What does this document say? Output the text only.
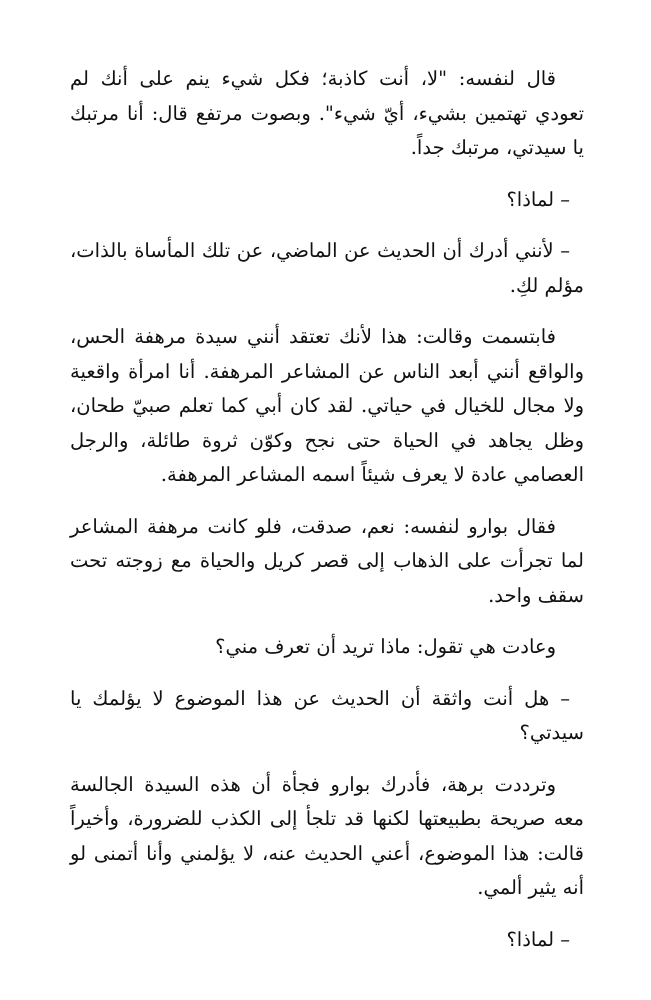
قال لنفسه: "لا، أنت كاذبة؛ فكل شيء ينم على أنك لم تعودي تهتمين بشيء، أيّ شيء". وبصوت مرتفع قال: أنا مرتبك يا سيدتي، مرتبك جداً.

– لماذا؟

– لأنني أدرك أن الحديث عن الماضي، عن تلك المأساة بالذات، مؤلم لكِ.

فابتسمت وقالت: هذا لأنك تعتقد أنني سيدة مرهفة الحس، والواقع أنني أبعد الناس عن المشاعر المرهفة. أنا امرأة واقعية ولا مجال للخيال في حياتي. لقد كان أبي كما تعلم صبيّ طحان، وظل يجاهد في الحياة حتى نجح وكوّن ثروة طائلة، والرجل العصامي عادة لا يعرف شيئاً اسمه المشاعر المرهفة.

فقال بوارو لنفسه: نعم، صدقت، فلو كانت مرهفة المشاعر لما تجرأت على الذهاب إلى قصر كريل والحياة مع زوجته تحت سقف واحد.

وعادت هي تقول: ماذا تريد أن تعرف مني؟

– هل أنت واثقة أن الحديث عن هذا الموضوع لا يؤلمك يا سيدتي؟

وترددت برهة، فأدرك بوارو فجأة أن هذه السيدة الجالسة معه صريحة بطبيعتها لكنها قد تلجأ إلى الكذب للضرورة، وأخيراً قالت: هذا الموضوع، أعني الحديث عنه، لا يؤلمني وأنا أتمنى لو أنه يثير ألمي.

– لماذا؟
